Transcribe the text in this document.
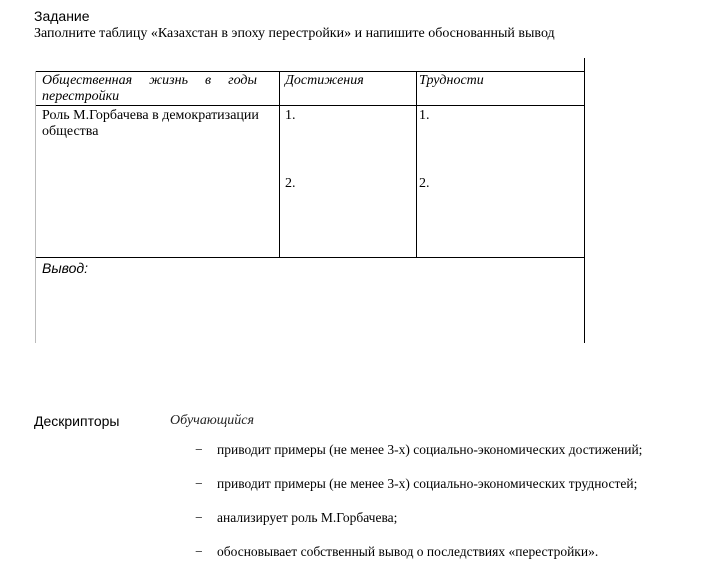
Задание
Заполните таблицу «Казахстан в эпоху перестройки» и напишите обоснованный вывод
Общественная жизнь в годы перестройки
Достижения	Трудности
Роль М.Горбачева в демократизации общества
1.
2.
1.
2.
Вывод:
Дескрипторы	Обучающийся
− приводит примеры (не менее 3-х) социально-экономических достижений;
− приводит примеры (не менее 3-х) социально-экономических трудностей;
− анализирует роль М.Горбачева;
− обосновывает собственный вывод о последствиях «перестройки».
